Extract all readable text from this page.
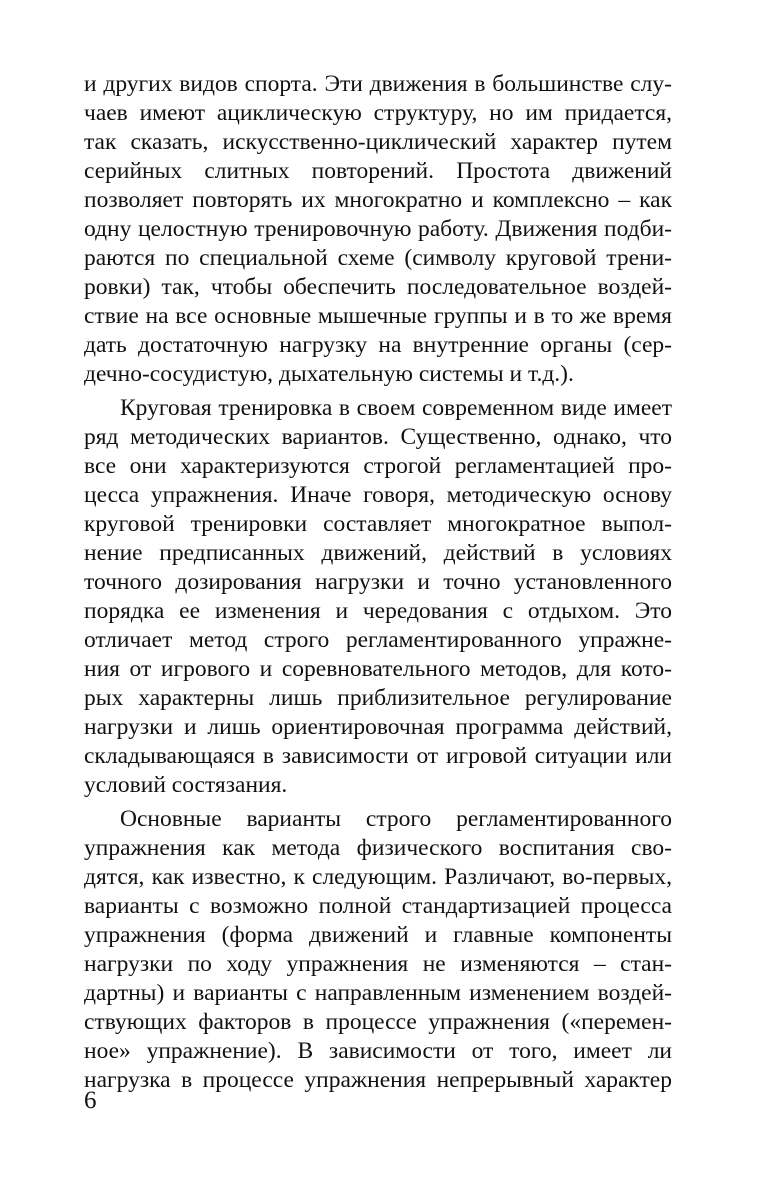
и других видов спорта. Эти движения в большинстве слу-
чаев имеют ациклическую структуру, но им придается,
так сказать, искусственно-циклический характер путем
серийных слитных повторений. Простота движений
позволяет повторять их многократно и комплексно – как
одну целостную тренировочную работу. Движения подби-
раются по специальной схеме (символу круговой трени-
ровки) так, чтобы обеспечить последовательное воздей-
ствие на все основные мышечные группы и в то же время
дать достаточную нагрузку на внутренние органы (сер-
дечно-сосудистую, дыхательную системы и т.д.).
Круговая тренировка в своем современном виде имеет
ряд методических вариантов. Существенно, однако, что
все они характеризуются строгой регламентацией про-
цесса упражнения. Иначе говоря, методическую основу
круговой тренировки составляет многократное выпол-
нение предписанных движений, действий в условиях
точного дозирования нагрузки и точно установленного
порядка ее изменения и чередования с отдыхом. Это
отличает метод строго регламентированного упражне-
ния от игрового и соревновательного методов, для кото-
рых характерны лишь приблизительное регулирование
нагрузки и лишь ориентировочная программа действий,
складывающаяся в зависимости от игровой ситуации или
условий состязания.
Основные варианты строго регламентированного
упражнения как метода физического воспитания сво-
дятся, как известно, к следующим. Различают, во-первых,
варианты с возможно полной стандартизацией процесса
упражнения (форма движений и главные компоненты
нагрузки по ходу упражнения не изменяются – стан-
дартны) и варианты с направленным изменением воздей-
ствующих факторов в процессе упражнения («перемен-
ное» упражнение). В зависимости от того, имеет ли
нагрузка в процессе упражнения непрерывный характер
6
